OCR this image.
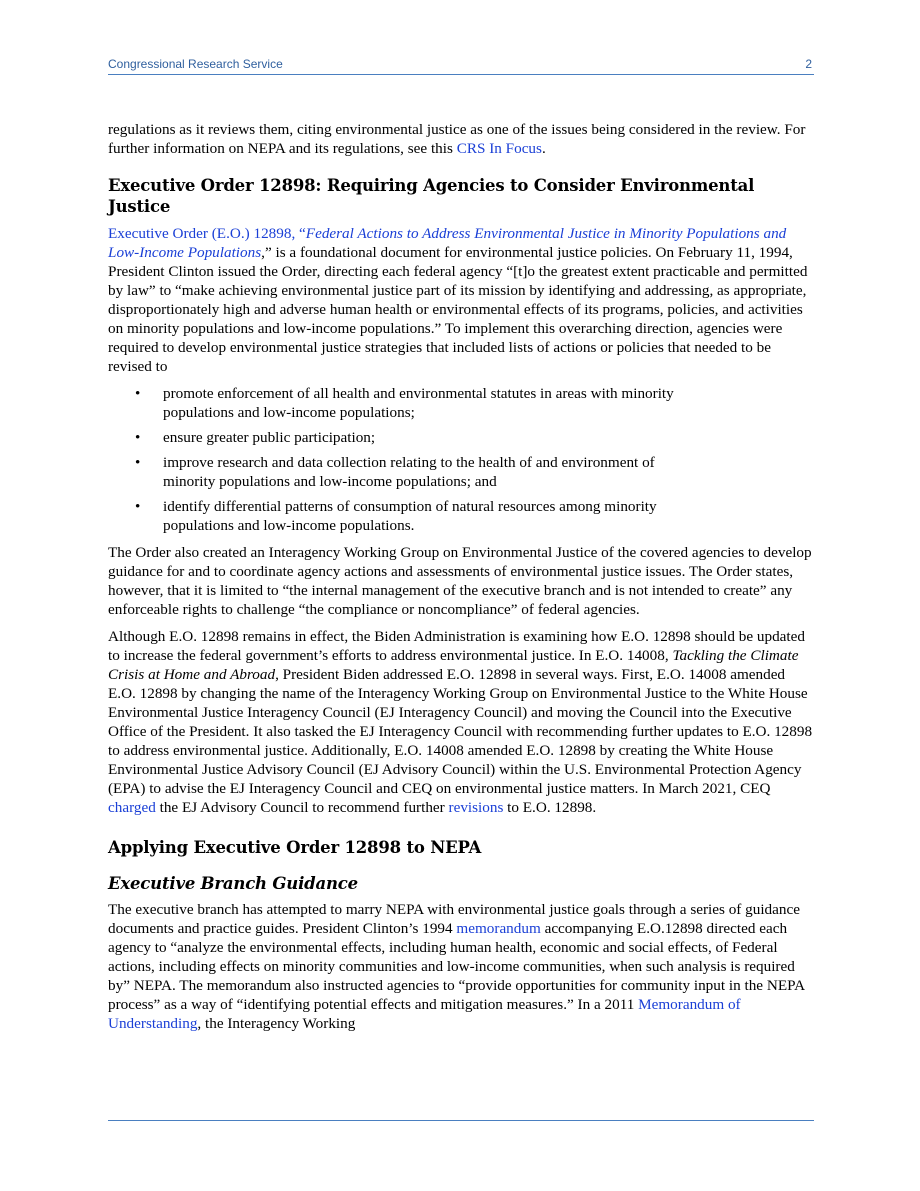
Congressional Research Service	2

regulations as it reviews them, citing environmental justice as one of the issues being considered in the review. For further information on NEPA and its regulations, see this CRS In Focus.

Executive Order 12898: Requiring Agencies to Consider Environmental Justice

Executive Order (E.O.) 12898, “Federal Actions to Address Environmental Justice in Minority Populations and Low-Income Populations,” is a foundational document for environmental justice policies. On February 11, 1994, President Clinton issued the Order, directing each federal agency “[t]o the greatest extent practicable and permitted by law” to “make achieving environmental justice part of its mission by identifying and addressing, as appropriate, disproportionately high and adverse human health or environmental effects of its programs, policies, and activities on minority populations and low-income populations.” To implement this overarching direction, agencies were required to develop environmental justice strategies that included lists of actions or policies that needed to be revised to

• promote enforcement of all health and environmental statutes in areas with minority populations and low-income populations;
• ensure greater public participation;
• improve research and data collection relating to the health of and environment of minority populations and low-income populations; and
• identify differential patterns of consumption of natural resources among minority populations and low-income populations.

The Order also created an Interagency Working Group on Environmental Justice of the covered agencies to develop guidance for and to coordinate agency actions and assessments of environmental justice issues. The Order states, however, that it is limited to “the internal management of the executive branch and is not intended to create” any enforceable rights to challenge “the compliance or noncompliance” of federal agencies.

Although E.O. 12898 remains in effect, the Biden Administration is examining how E.O. 12898 should be updated to increase the federal government’s efforts to address environmental justice. In E.O. 14008, Tackling the Climate Crisis at Home and Abroad, President Biden addressed E.O. 12898 in several ways. First, E.O. 14008 amended E.O. 12898 by changing the name of the Interagency Working Group on Environmental Justice to the White House Environmental Justice Interagency Council (EJ Interagency Council) and moving the Council into the Executive Office of the President. It also tasked the EJ Interagency Council with recommending further updates to E.O. 12898 to address environmental justice. Additionally, E.O. 14008 amended E.O. 12898 by creating the White House Environmental Justice Advisory Council (EJ Advisory Council) within the U.S. Environmental Protection Agency (EPA) to advise the EJ Interagency Council and CEQ on environmental justice matters. In March 2021, CEQ charged the EJ Advisory Council to recommend further revisions to E.O. 12898.

Applying Executive Order 12898 to NEPA
Executive Branch Guidance

The executive branch has attempted to marry NEPA with environmental justice goals through a series of guidance documents and practice guides. President Clinton’s 1994 memorandum accompanying E.O.12898 directed each agency to “analyze the environmental effects, including human health, economic and social effects, of Federal actions, including effects on minority communities and low-income communities, when such analysis is required by” NEPA. The memorandum also instructed agencies to “provide opportunities for community input in the NEPA process” as a way of “identifying potential effects and mitigation measures.” In a 2011 Memorandum of Understanding, the Interagency Working
